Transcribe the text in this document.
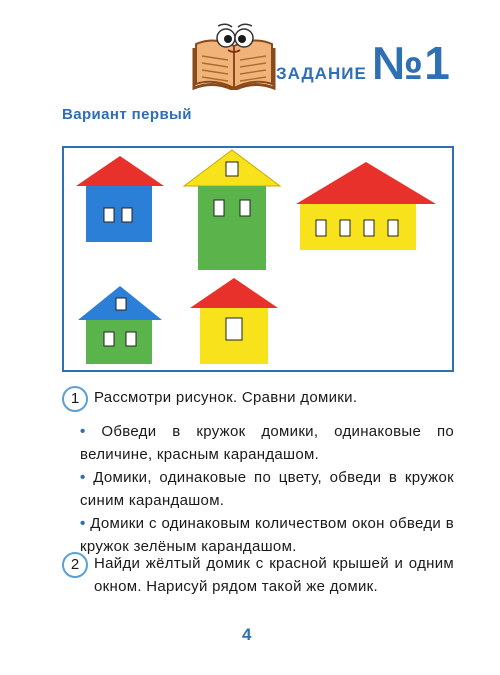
ЗАДАНИЕ №1
Вариант первый
1 Рассмотри рисунок. Сравни домики.
• Обведи в кружок домики, одинаковые по величине, красным карандашом.
• Домики, одинаковые по цвету, обведи в кружок синим карандашом.
• Домики с одинаковым количеством окон обведи в кружок зелёным карандашом.
2 Найди жёлтый домик с красной крышей и одним окном. Нарисуй рядом такой же домик.
4
